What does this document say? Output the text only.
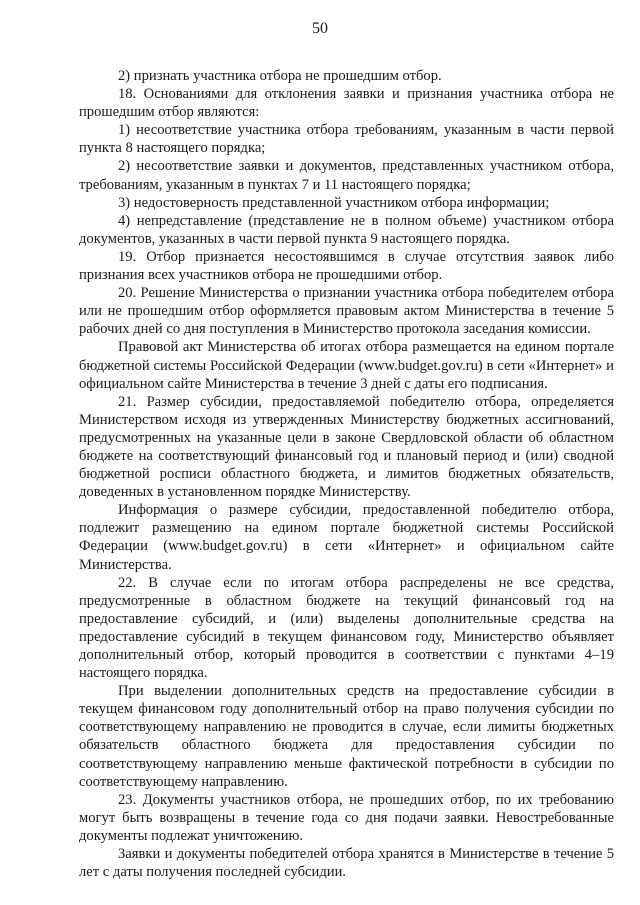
50

2) признать участника отбора не прошедшим отбор.

18. Основаниями для отклонения заявки и признания участника отбора не прошедшим отбор являются:

1) несоответствие участника отбора требованиям, указанным в части первой пункта 8 настоящего порядка;

2) несоответствие заявки и документов, представленных участником отбора, требованиям, указанным в пунктах 7 и 11 настоящего порядка;

3) недостоверность представленной участником отбора информации;

4) непредставление (представление не в полном объеме) участником отбора документов, указанных в части первой пункта 9 настоящего порядка.

19. Отбор признается несостоявшимся в случае отсутствия заявок либо признания всех участников отбора не прошедшими отбор.

20. Решение Министерства о признании участника отбора победителем отбора или не прошедшим отбор оформляется правовым актом Министерства в течение 5 рабочих дней со дня поступления в Министерство протокола заседания комиссии.

Правовой акт Министерства об итогах отбора размещается на едином портале бюджетной системы Российской Федерации (www.budget.gov.ru) в сети «Интернет» и официальном сайте Министерства в течение 3 дней с даты его подписания.

21. Размер субсидии, предоставляемой победителю отбора, определяется Министерством исходя из утвержденных Министерству бюджетных ассигнований, предусмотренных на указанные цели в законе Свердловской области об областном бюджете на соответствующий финансовый год и плановый период и (или) сводной бюджетной росписи областного бюджета, и лимитов бюджетных обязательств, доведенных в установленном порядке Министерству.

Информация о размере субсидии, предоставленной победителю отбора, подлежит размещению на едином портале бюджетной системы Российской Федерации (www.budget.gov.ru) в сети «Интернет» и официальном сайте Министерства.

22. В случае если по итогам отбора распределены не все средства, предусмотренные в областном бюджете на текущий финансовый год на предоставление субсидий, и (или) выделены дополнительные средства на предоставление субсидий в текущем финансовом году, Министерство объявляет дополнительный отбор, который проводится в соответствии с пунктами 4–19 настоящего порядка.

При выделении дополнительных средств на предоставление субсидии в текущем финансовом году дополнительный отбор на право получения субсидии по соответствующему направлению не проводится в случае, если лимиты бюджетных обязательств областного бюджета для предоставления субсидии по соответствующему направлению меньше фактической потребности в субсидии по соответствующему направлению.

23. Документы участников отбора, не прошедших отбор, по их требованию могут быть возвращены в течение года со дня подачи заявки. Невостребованные документы подлежат уничтожению.

Заявки и документы победителей отбора хранятся в Министерстве в течение 5 лет с даты получения последней субсидии.
